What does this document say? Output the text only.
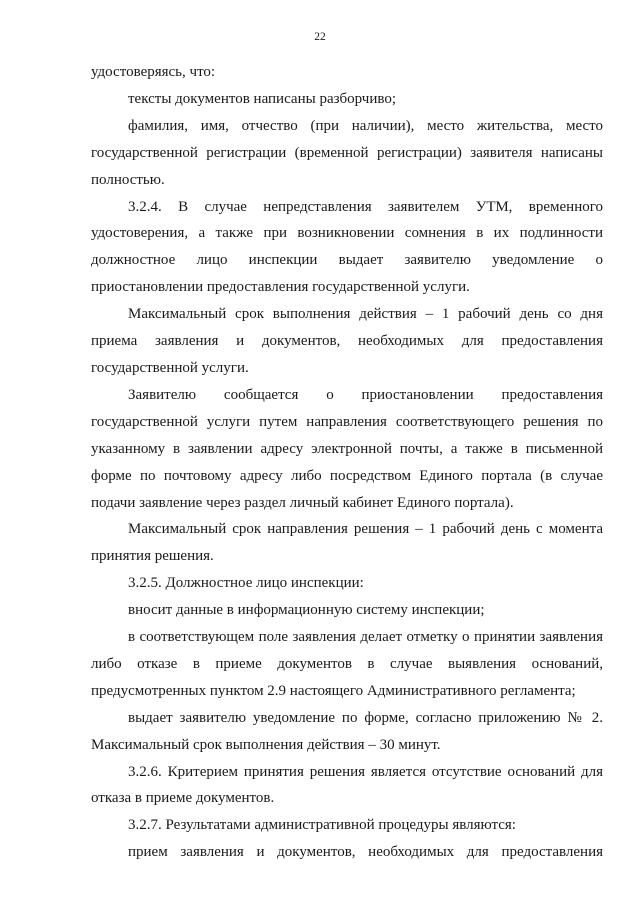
22

удостоверяясь, что:

тексты документов написаны разборчиво;

фамилия, имя, отчество (при наличии), место жительства, место государственной регистрации (временной регистрации) заявителя написаны полностью.

3.2.4. В случае непредставления заявителем УТМ, временного удостоверения, а также при возникновении сомнения в их подлинности должностное лицо инспекции выдает заявителю уведомление о приостановлении предоставления государственной услуги.

Максимальный срок выполнения действия – 1 рабочий день со дня приема заявления и документов, необходимых для предоставления государственной услуги.

Заявителю сообщается о приостановлении предоставления государственной услуги путем направления соответствующего решения по указанному в заявлении адресу электронной почты, а также в письменной форме по почтовому адресу либо посредством Единого портала (в случае подачи заявление через раздел личный кабинет Единого портала).

Максимальный срок направления решения – 1 рабочий день с момента принятия решения.

3.2.5. Должностное лицо инспекции:

вносит данные в информационную систему инспекции;

в соответствующем поле заявления делает отметку о принятии заявления либо отказе в приеме документов в случае выявления оснований, предусмотренных пунктом 2.9 настоящего Административного регламента;

выдает заявителю уведомление по форме, согласно приложению № 2. Максимальный срок выполнения действия – 30 минут.

3.2.6. Критерием принятия решения является отсутствие оснований для отказа в приеме документов.

3.2.7. Результатами административной процедуры являются:

прием заявления и документов, необходимых для предоставления
